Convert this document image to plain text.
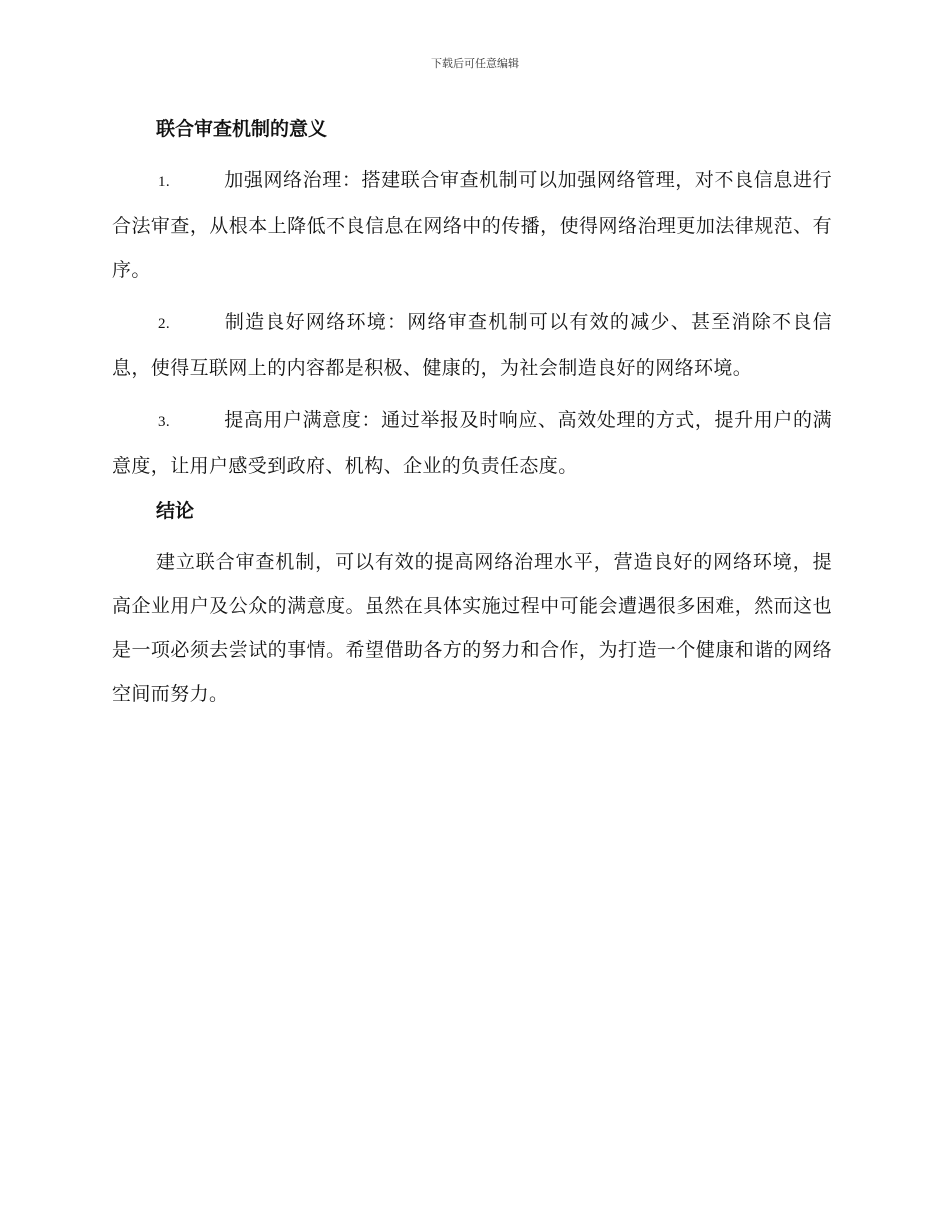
下载后可任意编辑
联合审查机制的意义

1.	加强网络治理：搭建联合审查机制可以加强网络管理，对不良信息进行合法审查，从根本上降低不良信息在网络中的传播，使得网络治理更加法律规范、有序。

2.	制造良好网络环境：网络审查机制可以有效的减少、甚至消除不良信息，使得互联网上的内容都是积极、健康的，为社会制造良好的网络环境。

3.	提高用户满意度：通过举报及时响应、高效处理的方式，提升用户的满意度，让用户感受到政府、机构、企业的负责任态度。

结论

建立联合审查机制，可以有效的提高网络治理水平，营造良好的网络环境，提高企业用户及公众的满意度。虽然在具体实施过程中可能会遭遇很多困难，然而这也是一项必须去尝试的事情。希望借助各方的努力和合作，为打造一个健康和谐的网络空间而努力。
